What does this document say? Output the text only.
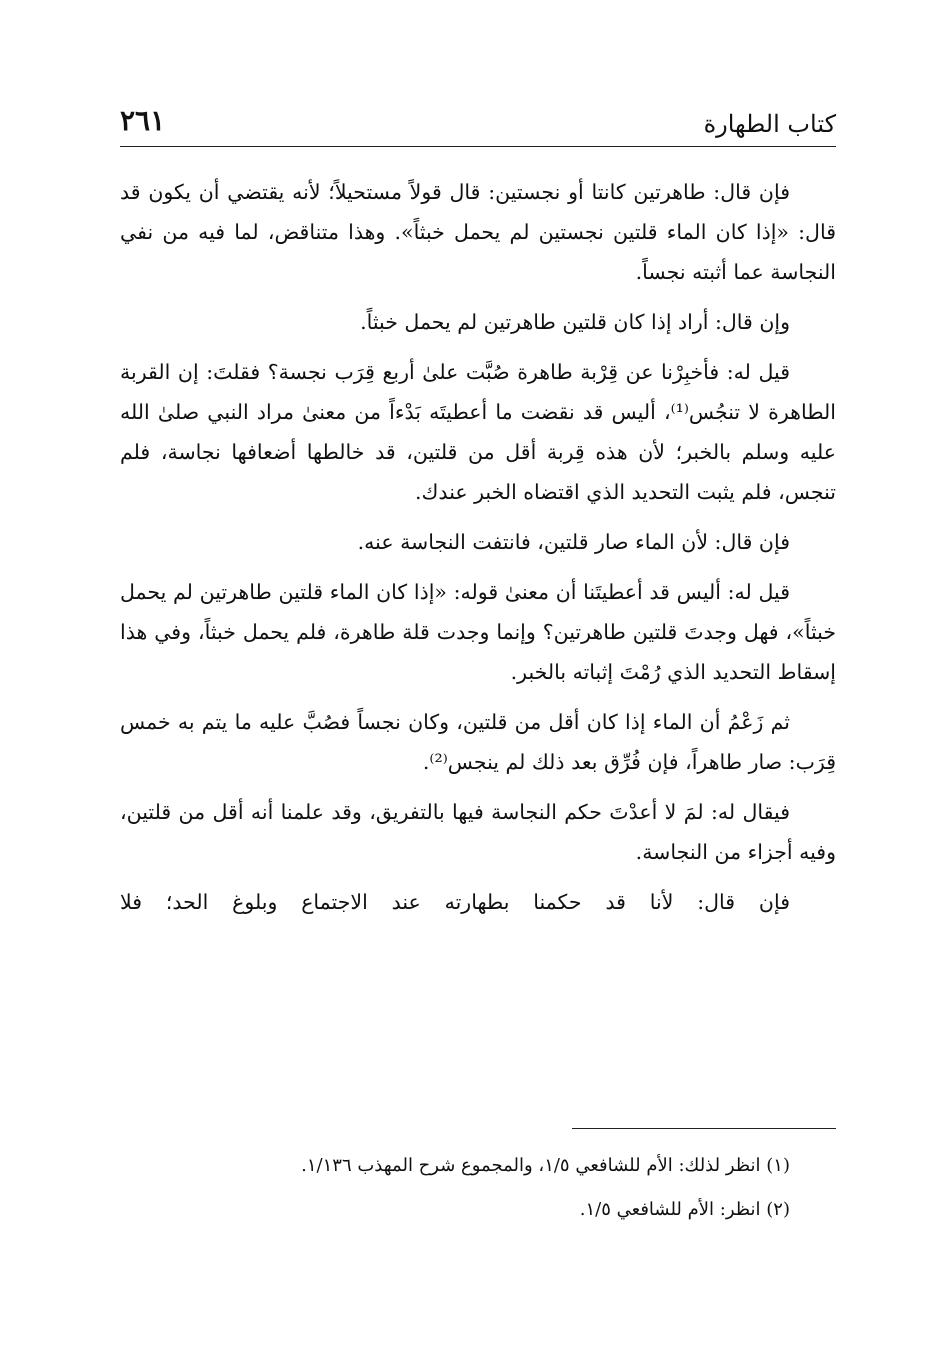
كتاب الطهارة
٢٦١

فإن قال: طاهرتين كانتا أو نجستين: قال قولاً مستحيلاً؛ لأنه يقتضي أن يكون قد قال: «إذا كان الماء قلتين نجستين لم يحمل خبثاً». وهذا متناقض، لما فيه من نفي النجاسة عما أثبته نجساً.

وإن قال: أراد إذا كان قلتين طاهرتين لم يحمل خبثاً.

قيل له: فأخبِرْنا عن قِرْبة طاهرة صُبَّت علىٰ أربع قِرَب نجسة؟ فقلتَ: إن القربة الطاهرة لا تنجُس⁽¹⁾، أليس قد نقضت ما أعطيتَه بَدْءاً من معنىٰ مراد النبي صلىٰ الله عليه وسلم بالخبر؛ لأن هذه قِربة أقل من قلتين، قد خالطها أضعافها نجاسة، فلم تنجس، فلم يثبت التحديد الذي اقتضاه الخبر عندك.

فإن قال: لأن الماء صار قلتين، فانتفت النجاسة عنه.

قيل له: أليس قد أعطيتَنا أن معنىٰ قوله: «إذا كان الماء قلتين طاهرتين لم يحمل خبثاً»، فهل وجدتَ قلتين طاهرتين؟ وإنما وجدت قلة طاهرة، فلم يحمل خبثاً، وفي هذا إسقاط التحديد الذي رُمْتَ إثباته بالخبر.

ثم زَعْمُ أن الماء إذا كان أقل من قلتين، وكان نجساً فصُبَّ عليه ما يتم به خمس قِرَب: صار طاهراً، فإن فُرِّق بعد ذلك لم ينجس⁽²⁾.

فيقال له: لمَ لا أعدْتَ حكم النجاسة فيها بالتفريق، وقد علمنا أنه أقل من قلتين، وفيه أجزاء من النجاسة.

فإن قال: لأنا قد حكمنا بطهارته عند الاجتماع وبلوغ الحد؛ فلا

(١) انظر لذلك: الأم للشافعي ١/٥، والمجموع شرح المهذب ١/١٣٦.

(٢) انظر: الأم للشافعي ١/٥.
